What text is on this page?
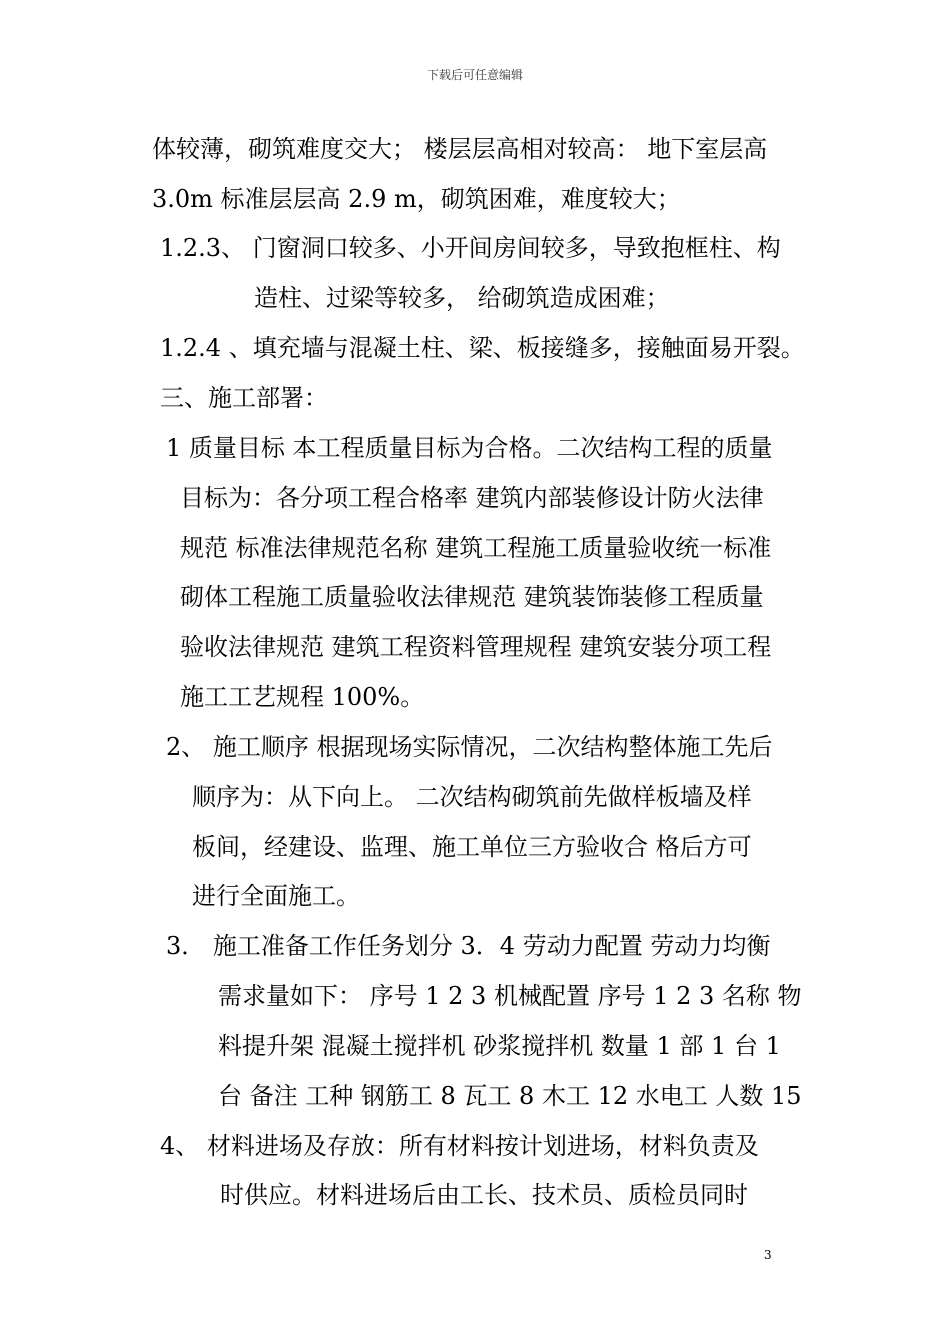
下载后可任意编辑
体较薄，砌筑难度交大； 楼层层高相对较高： 地下室层高
3.0m 标准层层高 2.9 m，砌筑困难，难度较大；
1.2.3、 门窗洞口较多、小开间房间较多，导致抱框柱、构
造柱、过梁等较多， 给砌筑造成困难；
1.2.4 、填充墙与混凝土柱、梁、板接缝多，接触面易开裂。
三、施工部署：
1 质量目标 本工程质量目标为合格。二次结构工程的质量
目标为：各分项工程合格率 建筑内部装修设计防火法律
规范 标准法律规范名称 建筑工程施工质量验收统一标准
砌体工程施工质量验收法律规范 建筑装饰装修工程质量
验收法律规范 建筑工程资料管理规程 建筑安装分项工程
施工工艺规程 100%。
2、 施工顺序 根据现场实际情况，二次结构整体施工先后
顺序为：从下向上。 二次结构砌筑前先做样板墙及样
板间，经建设、监理、施工单位三方验收合 格后方可
进行全面施工。
3． 施工准备工作任务划分 3．4 劳动力配置 劳动力均衡
需求量如下： 序号 1 2 3 机械配置 序号 1 2 3 名称 物
料提升架 混凝土搅拌机 砂浆搅拌机 数量 1 部 1 台 1
台 备注 工种 钢筋工 8 瓦工 8 木工 12 水电工 人数 15
4、 材料进场及存放：所有材料按计划进场，材料负责及
时供应。材料进场后由工长、技术员、质检员同时
3
